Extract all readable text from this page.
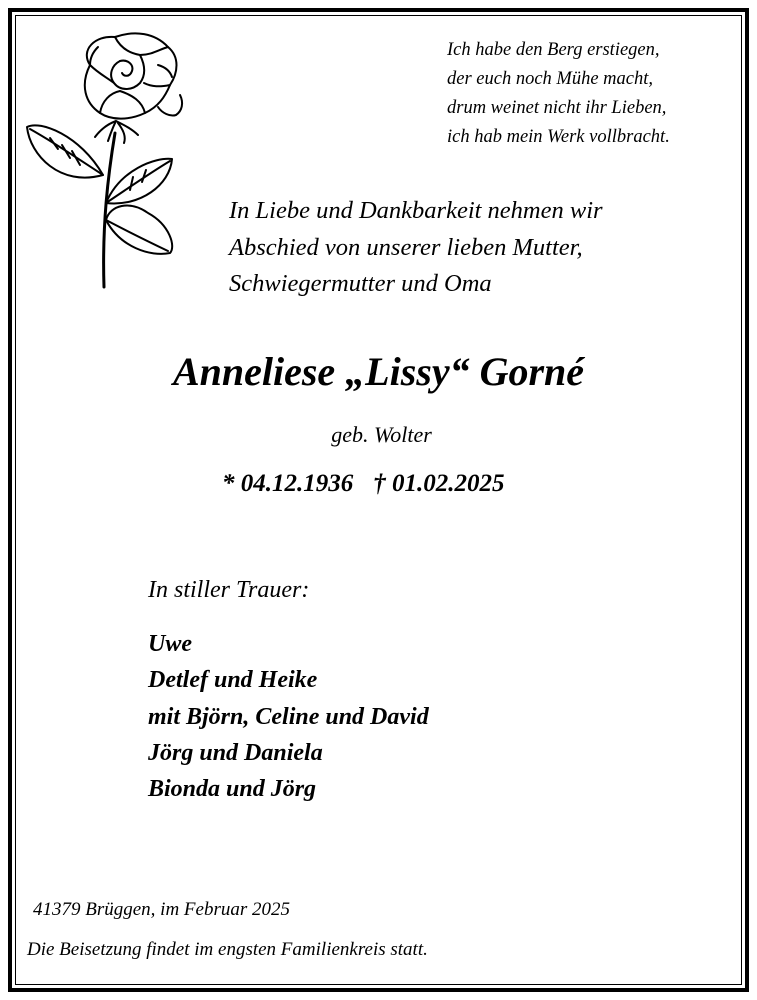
Ich habe den Berg erstiegen,
der euch noch Mühe macht,
drum weinet nicht ihr Lieben,
ich hab mein Werk vollbracht.
In Liebe und Dankbarkeit nehmen wir
Abschied von unserer lieben Mutter,
Schwiegermutter und Oma
Anneliese „Lissy“ Gorné
geb. Wolter
* 04.12.1936 † 01.02.2025
In stiller Trauer:
Uwe
Detlef und Heike
mit Björn, Celine und David
Jörg und Daniela
Bionda und Jörg
41379 Brüggen, im Februar 2025
Die Beisetzung findet im engsten Familienkreis statt.
